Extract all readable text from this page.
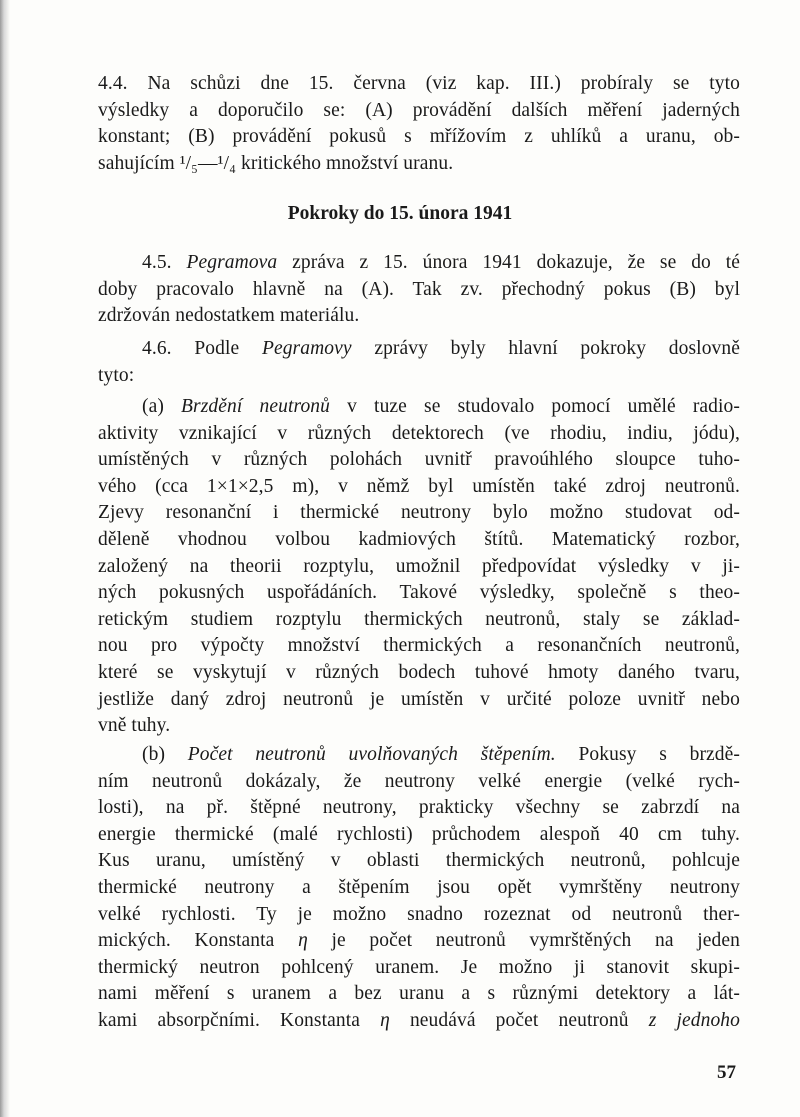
4.4. Na schůzi dne 15. června (viz kap. III.) probíraly se tyto
výsledky a doporučilo se: (A) provádění dalších měření jaderných
konstant; (B) provádění pokusů s mřížovím z uhlíků a uranu, ob-
sahujícím ¹/₅—¹/₄ kritického množství uranu.
Pokroky do 15. února 1941
4.5. Pegramova zpráva z 15. února 1941 dokazuje, že se do té
doby pracovalo hlavně na (A). Tak zv. přechodný pokus (B) byl
zdržován nedostatkem materiálu.
4.6. Podle Pegramovy zprávy byly hlavní pokroky doslovně
tyto:
(a) Brzdění neutronů v tuze se studovalo pomocí umělé radio-
aktivity vznikající v různých detektorech (ve rhodiu, indiu, jódu),
umístěných v různých polohách uvnitř pravoúhlého sloupce tuho-
vého (cca 1×1×2,5 m), v němž byl umístěn také zdroj neutronů.
Zjevy resonanční i thermické neutrony bylo možno studovat od-
děleně vhodnou volbou kadmiových štítů. Matematický rozbor,
založený na theorii rozptylu, umožnil předpovídat výsledky v ji-
ných pokusných uspořádáních. Takové výsledky, společně s theo-
retickým studiem rozptylu thermických neutronů, staly se základ-
nou pro výpočty množství thermických a resonančních neutronů,
které se vyskytují v různých bodech tuhové hmoty daného tvaru,
jestliže daný zdroj neutronů je umístěn v určité poloze uvnitř nebo
vně tuhy.
(b) Počet neutronů uvolňovaných štěpením. Pokusy s brzdě-
ním neutronů dokázaly, že neutrony velké energie (velké rych-
losti), na př. štěpné neutrony, prakticky všechny se zabrzdí na
energie thermické (malé rychlosti) průchodem alespoň 40 cm tuhy.
Kus uranu, umístěný v oblasti thermických neutronů, pohlcuje
thermické neutrony a štěpením jsou opět vymrštěny neutrony
velké rychlosti. Ty je možno snadno rozeznat od neutronů ther-
mických. Konstanta η je počet neutronů vymrštěných na jeden
thermický neutron pohlcený uranem. Je možno ji stanovit skupi-
nami měření s uranem a bez uranu a s různými detektory a lát-
kami absorpčními. Konstanta η neudává počet neutronů z jednoho
57
